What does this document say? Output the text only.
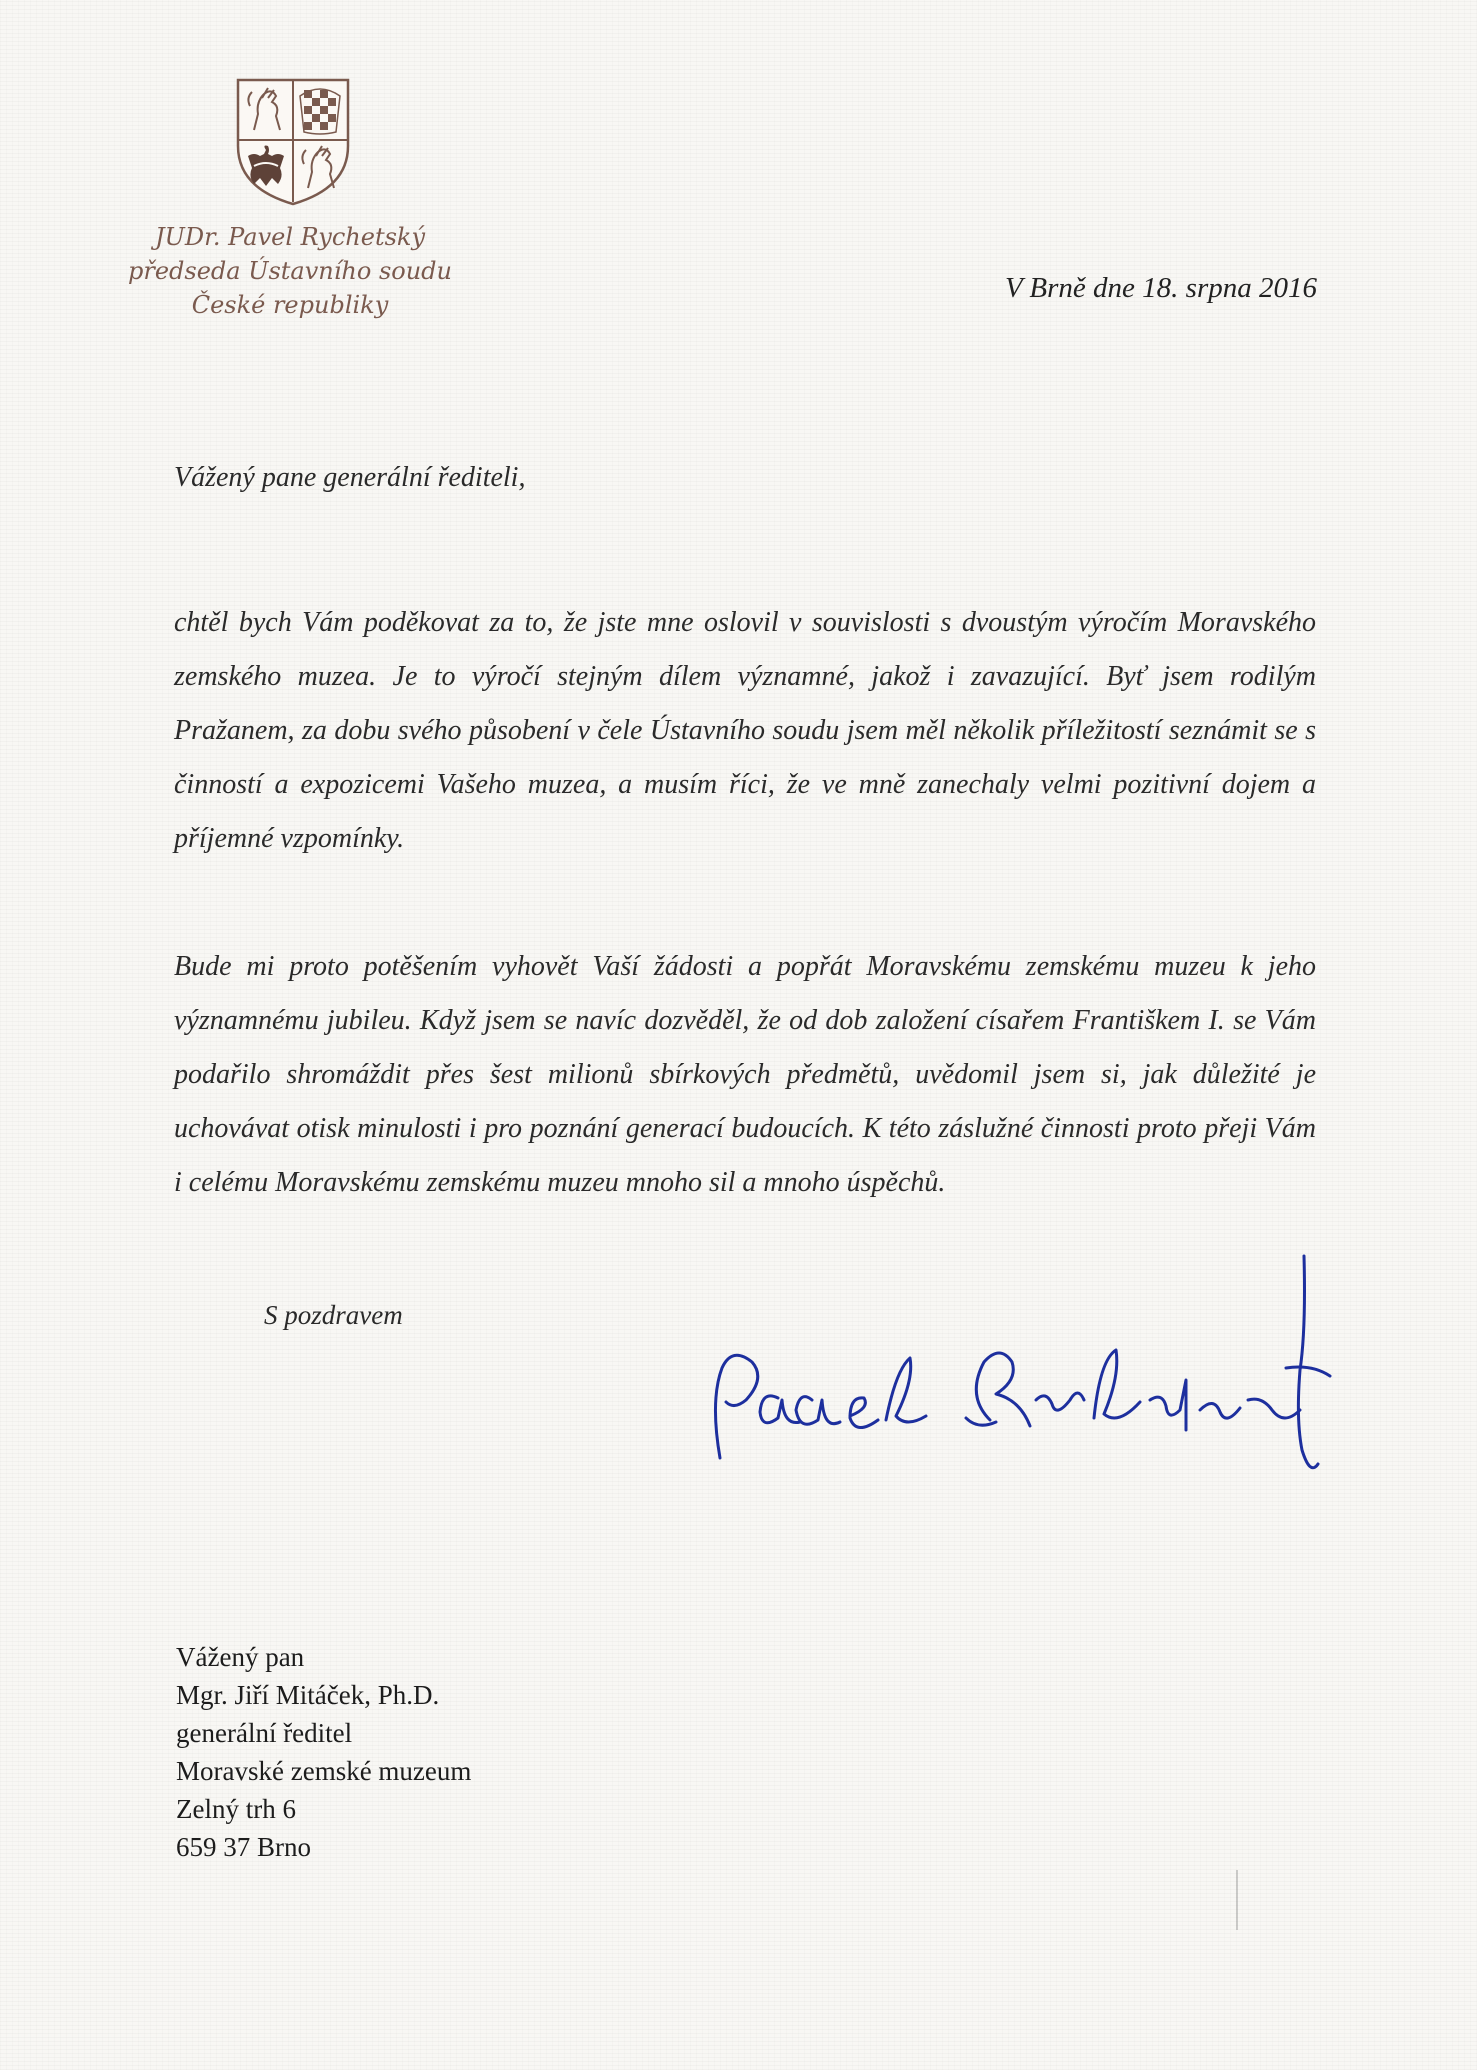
JUDr. Pavel Rychetský
předseda Ústavního soudu
České republiky
V Brně dne 18. srpna 2016
Vážený pane generální řediteli,
chtěl bych Vám poděkovat za to, že jste mne oslovil v souvislosti s dvoustým výročím Moravského zemského muzea. Je to výročí stejným dílem významné, jakož i zavazující. Byť jsem rodilým Pražanem, za dobu svého působení v čele Ústavního soudu jsem měl několik příležitostí seznámit se s činností a expozicemi Vašeho muzea, a musím říci, že ve mně zanechaly velmi pozitivní dojem a příjemné vzpomínky.
Bude mi proto potěšením vyhovět Vaší žádosti a popřát Moravskému zemskému muzeu k jeho významnému jubileu. Když jsem se navíc dozvěděl, že od dob založení císařem Františkem I. se Vám podařilo shromáždit přes šest milionů sbírkových předmětů, uvědomil jsem si, jak důležité je uchovávat otisk minulosti i pro poznání generací budoucích. K této záslužné činnosti proto přeji Vám i celému Moravskému zemskému muzeu mnoho sil a mnoho úspěchů.
S pozdravem
Vážený pan
Mgr. Jiří Mitáček, Ph.D.
generální ředitel
Moravské zemské muzeum
Zelný trh 6
659 37 Brno
